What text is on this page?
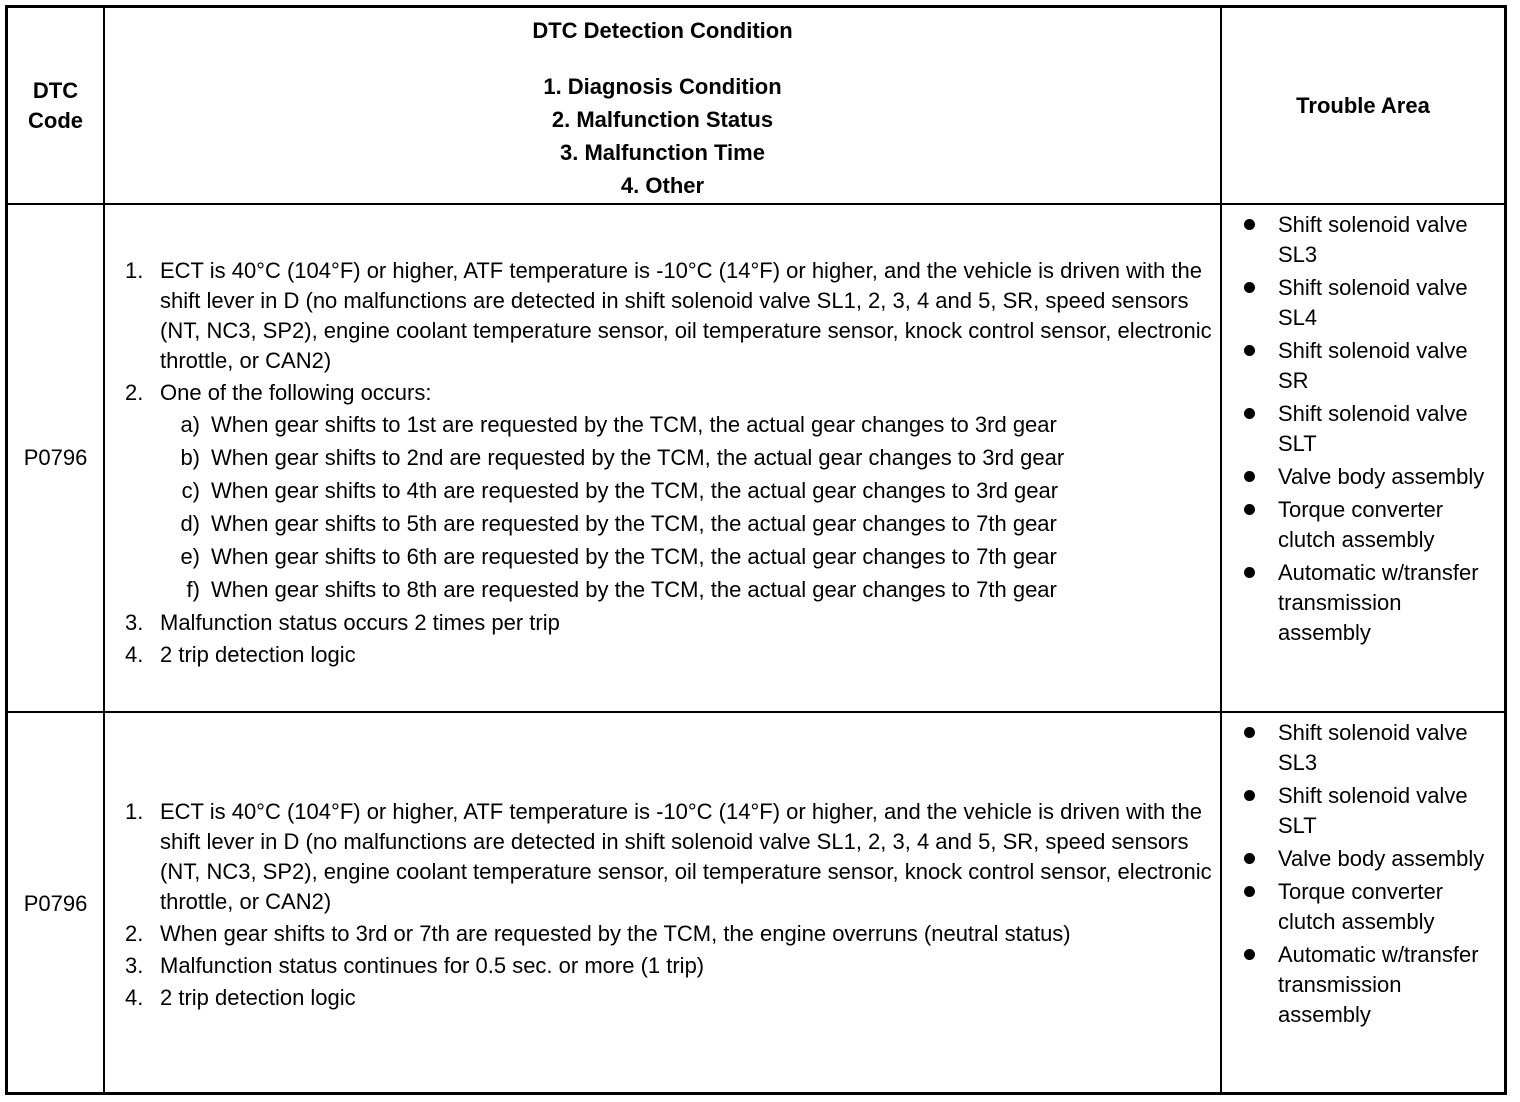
DTC
Code
DTC Detection Condition
1. Diagnosis Condition
2. Malfunction Status
3. Malfunction Time
4. Other
Trouble Area
P0796
1. ECT is 40°C (104°F) or higher, ATF temperature is -10°C (14°F) or higher, and the vehicle is driven with the shift lever in D (no malfunctions are detected in shift solenoid valve SL1, 2, 3, 4 and 5, SR, speed sensors (NT, NC3, SP2), engine coolant temperature sensor, oil temperature sensor, knock control sensor, electronic throttle, or CAN2)
2. One of the following occurs:
a) When gear shifts to 1st are requested by the TCM, the actual gear changes to 3rd gear
b) When gear shifts to 2nd are requested by the TCM, the actual gear changes to 3rd gear
c) When gear shifts to 4th are requested by the TCM, the actual gear changes to 3rd gear
d) When gear shifts to 5th are requested by the TCM, the actual gear changes to 7th gear
e) When gear shifts to 6th are requested by the TCM, the actual gear changes to 7th gear
f) When gear shifts to 8th are requested by the TCM, the actual gear changes to 7th gear
3. Malfunction status occurs 2 times per trip
4. 2 trip detection logic
Shift solenoid valve SL3
Shift solenoid valve SL4
Shift solenoid valve SR
Shift solenoid valve SLT
Valve body assembly
Torque converter clutch assembly
Automatic w/transfer transmission assembly
P0796
1. ECT is 40°C (104°F) or higher, ATF temperature is -10°C (14°F) or higher, and the vehicle is driven with the shift lever in D (no malfunctions are detected in shift solenoid valve SL1, 2, 3, 4 and 5, SR, speed sensors (NT, NC3, SP2), engine coolant temperature sensor, oil temperature sensor, knock control sensor, electronic throttle, or CAN2)
2. When gear shifts to 3rd or 7th are requested by the TCM, the engine overruns (neutral status)
3. Malfunction status continues for 0.5 sec. or more (1 trip)
4. 2 trip detection logic
Shift solenoid valve SL3
Shift solenoid valve SLT
Valve body assembly
Torque converter clutch assembly
Automatic w/transfer transmission assembly
